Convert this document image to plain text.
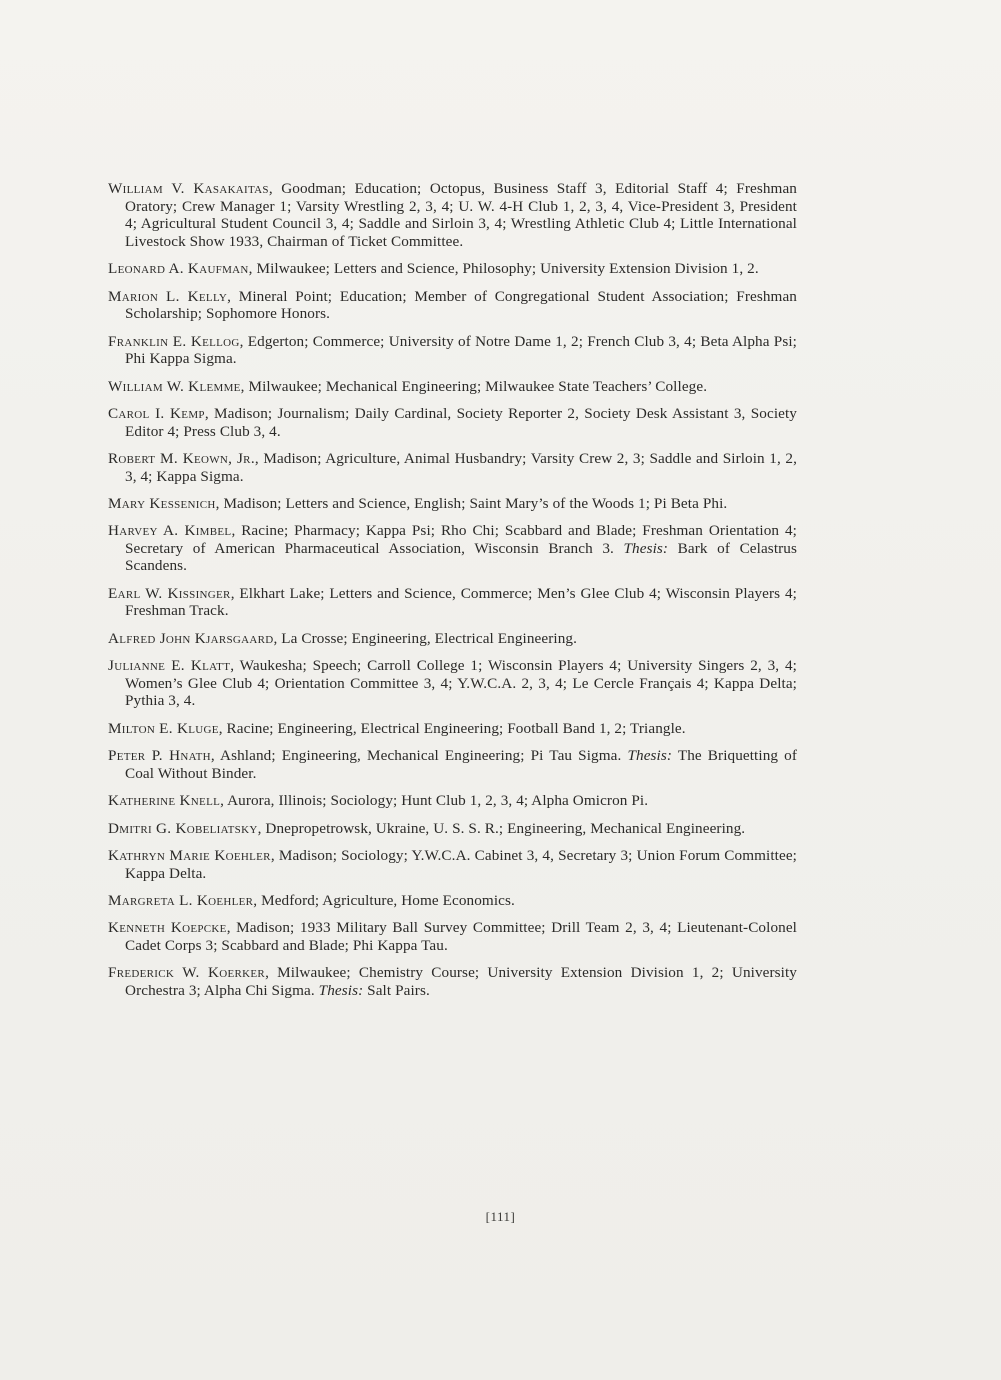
William V. Kasakaitas, Goodman; Education; Octopus, Business Staff 3, Editorial Staff 4; Freshman Oratory; Crew Manager 1; Varsity Wrestling 2, 3, 4; U. W. 4-H Club 1, 2, 3, 4, Vice-President 3, President 4; Agricultural Student Council 3, 4; Saddle and Sirloin 3, 4; Wrestling Athletic Club 4; Little International Livestock Show 1933, Chairman of Ticket Committee.

Leonard A. Kaufman, Milwaukee; Letters and Science, Philosophy; University Extension Division 1, 2.

Marion L. Kelly, Mineral Point; Education; Member of Congregational Student Association; Freshman Scholarship; Sophomore Honors.

Franklin E. Kellog, Edgerton; Commerce; University of Notre Dame 1, 2; French Club 3, 4; Beta Alpha Psi; Phi Kappa Sigma.

William W. Klemme, Milwaukee; Mechanical Engineering; Milwaukee State Teachers’ College.

Carol I. Kemp, Madison; Journalism; Daily Cardinal, Society Reporter 2, Society Desk Assistant 3, Society Editor 4; Press Club 3, 4.

Robert M. Keown, Jr., Madison; Agriculture, Animal Husbandry; Varsity Crew 2, 3; Saddle and Sirloin 1, 2, 3, 4; Kappa Sigma.

Mary Kessenich, Madison; Letters and Science, English; Saint Mary’s of the Woods 1; Pi Beta Phi.

Harvey A. Kimbel, Racine; Pharmacy; Kappa Psi; Rho Chi; Scabbard and Blade; Freshman Orientation 4; Secretary of American Pharmaceutical Association, Wisconsin Branch 3. Thesis: Bark of Celastrus Scandens.

Earl W. Kissinger, Elkhart Lake; Letters and Science, Commerce; Men’s Glee Club 4; Wisconsin Players 4; Freshman Track.

Alfred John Kjarsgaard, La Crosse; Engineering, Electrical Engineering.

Julianne E. Klatt, Waukesha; Speech; Carroll College 1; Wisconsin Players 4; University Singers 2, 3, 4; Women’s Glee Club 4; Orientation Committee 3, 4; Y.W.C.A. 2, 3, 4; Le Cercle Français 4; Kappa Delta; Pythia 3, 4.

Milton E. Kluge, Racine; Engineering, Electrical Engineering; Football Band 1, 2; Triangle.

Peter P. Hnath, Ashland; Engineering, Mechanical Engineering; Pi Tau Sigma. Thesis: The Briquetting of Coal Without Binder.

Katherine Knell, Aurora, Illinois; Sociology; Hunt Club 1, 2, 3, 4; Alpha Omicron Pi.

Dmitri G. Kobeliatsky, Dnepropetrowsk, Ukraine, U. S. S. R.; Engineering, Mechanical Engineering.

Kathryn Marie Koehler, Madison; Sociology; Y.W.C.A. Cabinet 3, 4, Secretary 3; Union Forum Committee; Kappa Delta.

Margreta L. Koehler, Medford; Agriculture, Home Economics.

Kenneth Koepcke, Madison; 1933 Military Ball Survey Committee; Drill Team 2, 3, 4; Lieutenant-Colonel Cadet Corps 3; Scabbard and Blade; Phi Kappa Tau.

Frederick W. Koerker, Milwaukee; Chemistry Course; University Extension Division 1, 2; University Orchestra 3; Alpha Chi Sigma. Thesis: Salt Pairs.

[111]
